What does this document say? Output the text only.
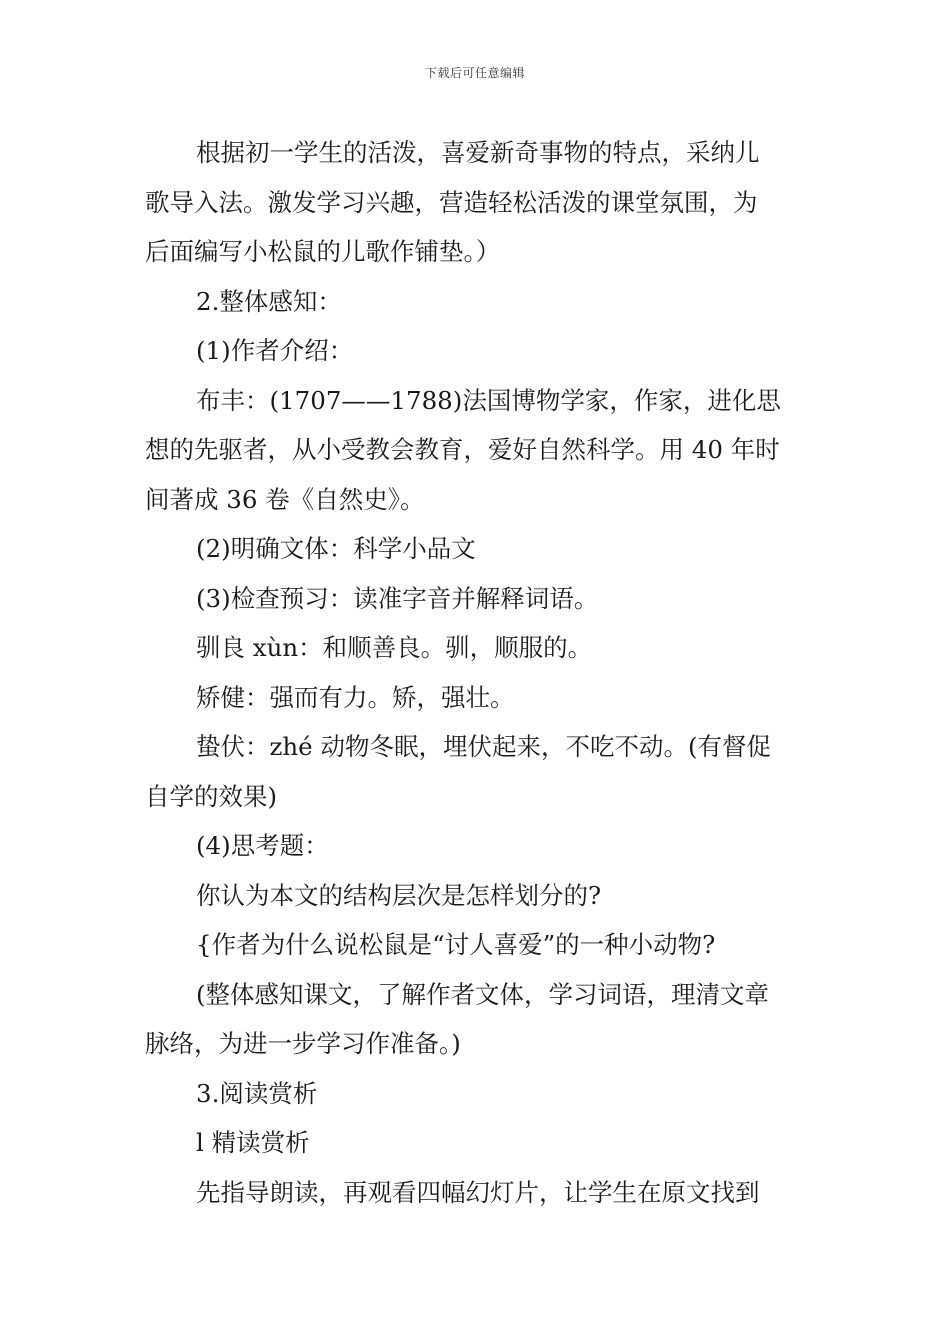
下载后可任意编辑

根据初一学生的活泼，喜爱新奇事物的特点，采纳儿

歌导入法。激发学习兴趣，营造轻松活泼的课堂氛围，为

后面编写小松鼠的儿歌作铺垫。）

2.整体感知：

(1)作者介绍：

布丰：(1707——1788)法国博物学家，作家，进化思

想的先驱者，从小受教会教育，爱好自然科学。用 40 年时

间著成 36 卷《自然史》。

(2)明确文体：科学小品文

(3)检查预习：读准字音并解释词语。

驯良 xùn：和顺善良。驯，顺服的。

矫健：强而有力。矫，强壮。

蛰伏：zhé 动物冬眠，埋伏起来，不吃不动。(有督促

自学的效果)

(4)思考题：

你认为本文的结构层次是怎样划分的?

{作者为什么说松鼠是“讨人喜爱”的一种小动物?

(整体感知课文，了解作者文体，学习词语，理清文章

脉络，为进一步学习作准备。)

3.阅读赏析

l 精读赏析

先指导朗读，再观看四幅幻灯片，让学生在原文找到
